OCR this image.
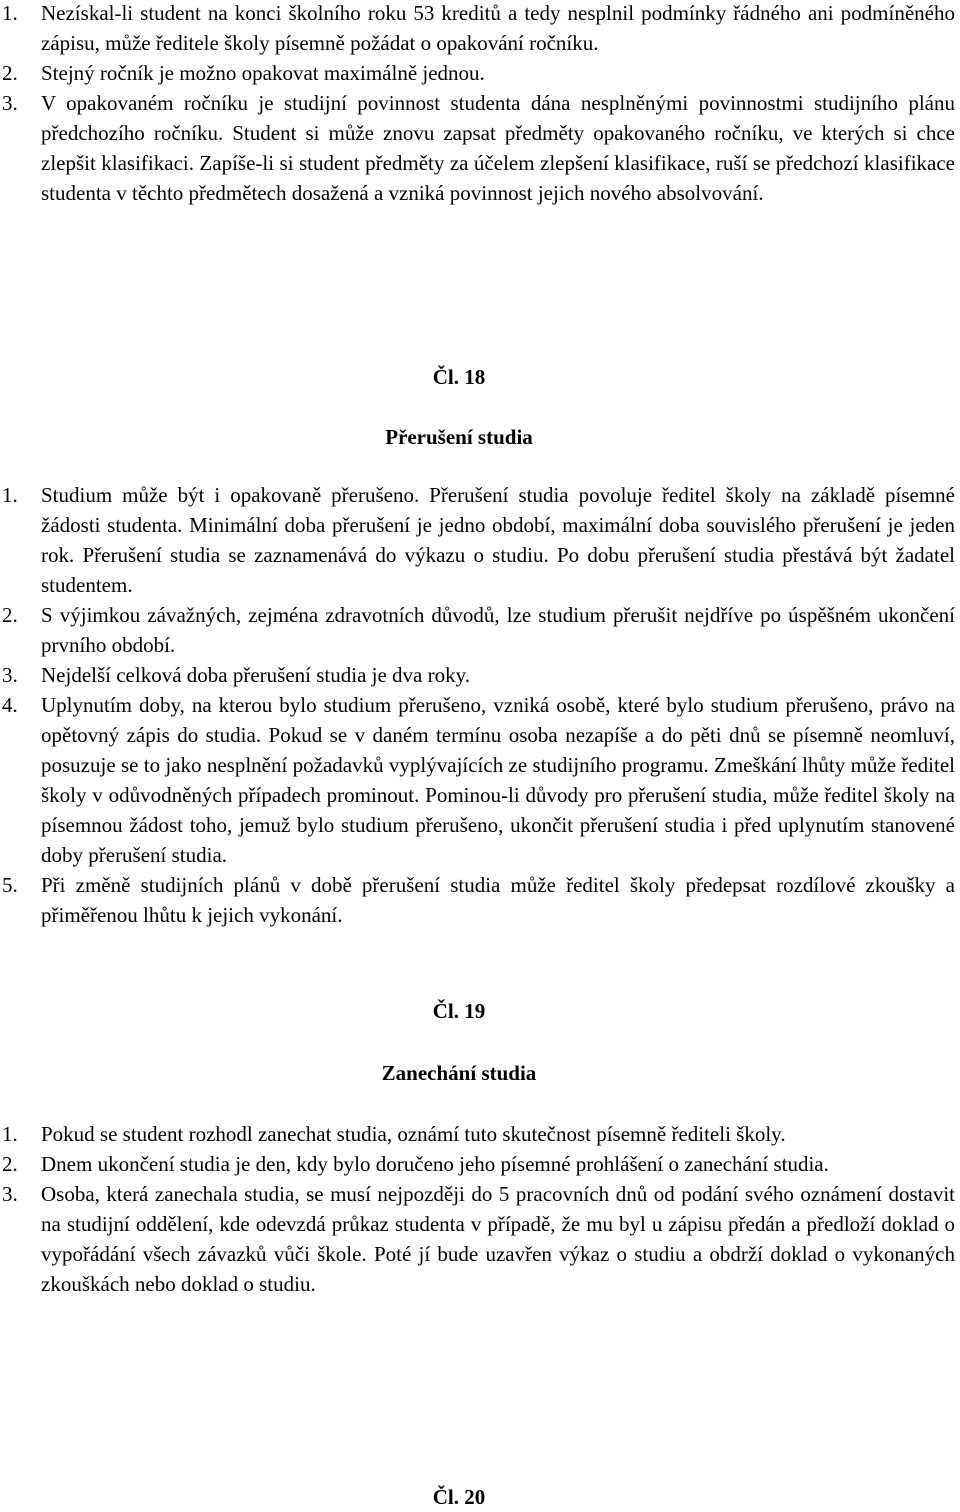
1. Nezískal-li student na konci školního roku 53 kreditů a tedy nesplnil podmínky řádného ani podmíněného zápisu, může ředitele školy písemně požádat o opakování ročníku.
2. Stejný ročník je možno opakovat maximálně jednou.
3. V opakovaném ročníku je studijní povinnost studenta dána nesplněnými povinnostmi studijního plánu předchozího ročníku. Student si může znovu zapsat předměty opakovaného ročníku, ve kterých si chce zlepšit klasifikaci. Zapíše-li si student předměty za účelem zlepšení klasifikace, ruší se předchozí klasifikace studenta v těchto předmětech dosažená a vzniká povinnost jejich nového absolvování.
Čl. 18
Přerušení studia
1. Studium může být i opakovaně přerušeno. Přerušení studia povoluje ředitel školy na základě písemné žádosti studenta. Minimální doba přerušení je jedno období, maximální doba souvislého přerušení je jeden rok. Přerušení studia se zaznamenává do výkazu o studiu. Po dobu přerušení studia přestává být žadatel studentem.
2. S výjimkou závažných, zejména zdravotních důvodů, lze studium přerušit nejdříve po úspěšném ukončení prvního období.
3. Nejdelší celková doba přerušení studia je dva roky.
4. Uplynutím doby, na kterou bylo studium přerušeno, vzniká osobě, které bylo studium přerušeno, právo na opětovný zápis do studia. Pokud se v daném termínu osoba nezapíše a do pěti dnů se písemně neomluví, posuzuje se to jako nesplnění požadavků vyplývajících ze studijního programu. Zmeškání lhůty může ředitel školy v odůvodněných případech prominout. Pominou-li důvody pro přerušení studia, může ředitel školy na písemnou žádost toho, jemuž bylo studium přerušeno, ukončit přerušení studia i před uplynutím stanovené doby přerušení studia.
5. Při změně studijních plánů v době přerušení studia může ředitel školy předepsat rozdílové zkoušky a přiměřenou lhůtu k jejich vykonání.
Čl. 19
Zanechání studia
1. Pokud se student rozhodl zanechat studia, oznámí tuto skutečnost písemně řediteli školy.
2. Dnem ukončení studia je den, kdy bylo doručeno jeho písemné prohlášení o zanechání studia.
3. Osoba, která zanechala studia, se musí nejpozději do 5 pracovních dnů od podání svého oznámení dostavit na studijní oddělení, kde odevzdá průkaz studenta v případě, že mu byl u zápisu předán a předloží doklad o vypořádání všech závazků vůči škole. Poté jí bude uzavřen výkaz o studiu a obdrží doklad o vykonaných zkouškách nebo doklad o studiu.
Čl. 20
